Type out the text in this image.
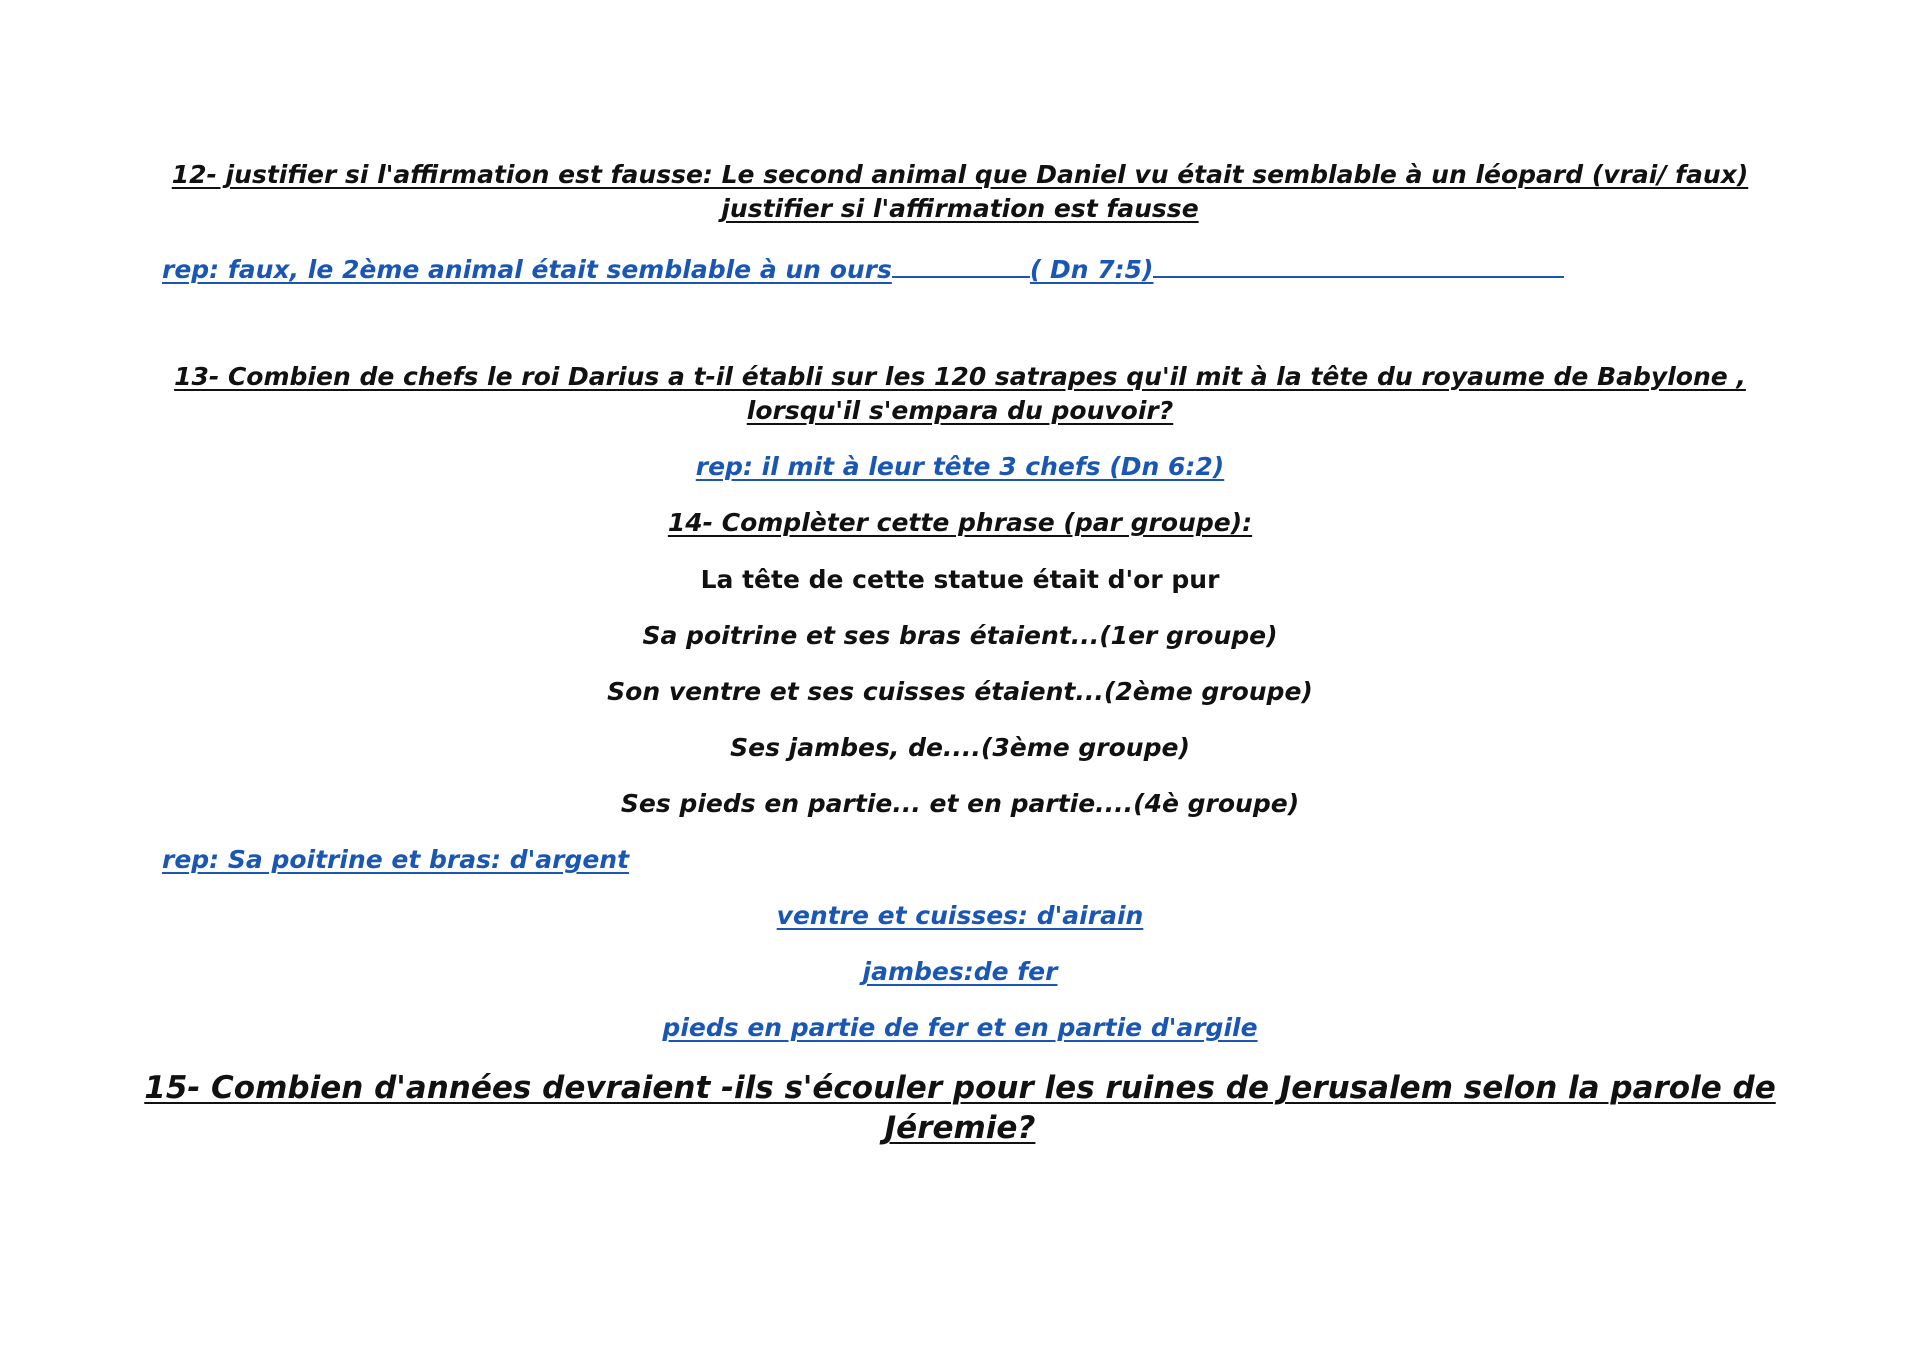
12- justifier si l'affirmation est fausse: Le second animal que Daniel vu était semblable à un léopard (vrai/ faux)

justifier si l'affirmation est fausse

rep: faux, le 2ème animal était semblable à un ours	( Dn 7:5)

13- Combien de chefs le roi Darius a t-il établi sur les 120 satrapes qu'il mit à la tête du royaume de Babylone ,

lorsqu'il s'empara du pouvoir?

rep: il mit à leur tête 3 chefs (Dn 6:2)

14- Complèter cette phrase (par groupe):

La tête de cette statue était d'or pur

Sa poitrine et ses bras étaient...(1er groupe)

Son ventre et ses cuisses étaient...(2ème groupe)

Ses jambes, de....(3ème groupe)

Ses pieds en partie... et en partie....(4è groupe)

rep: Sa poitrine et bras: d'argent

ventre et cuisses: d'airain

jambes:de fer

pieds en partie de fer et en partie d'argile

15- Combien d'années devraient -ils s'écouler pour les ruines de Jerusalem selon la parole de

Jéremie?
